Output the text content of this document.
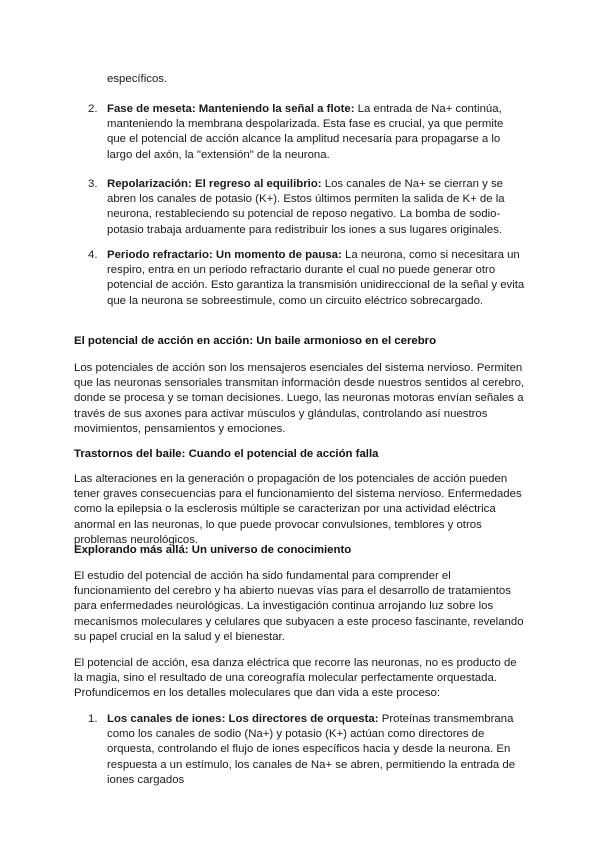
específicos.
2. Fase de meseta: Manteniendo la señal a flote: La entrada de Na+ continúa, manteniendo la membrana despolarizada. Esta fase es crucial, ya que permite que el potencial de acción alcance la amplitud necesaria para propagarse a lo largo del axón, la "extensión" de la neurona.
3. Repolarización: El regreso al equilibrio: Los canales de Na+ se cierran y se abren los canales de potasio (K+). Estos últimos permiten la salida de K+ de la neurona, restableciendo su potencial de reposo negativo. La bomba de sodio-potasio trabaja arduamente para redistribuir los iones a sus lugares originales.
4. Periodo refractario: Un momento de pausa: La neurona, como si necesitara un respiro, entra en un periodo refractario durante el cual no puede generar otro potencial de acción. Esto garantiza la transmisión unidireccional de la señal y evita que la neurona se sobreestimule, como un circuito eléctrico sobrecargado.
El potencial de acción en acción: Un baile armonioso en el cerebro
Los potenciales de acción son los mensajeros esenciales del sistema nervioso. Permiten que las neuronas sensoriales transmitan información desde nuestros sentidos al cerebro, donde se procesa y se toman decisiones. Luego, las neuronas motoras envían señales a través de sus axones para activar músculos y glándulas, controlando así nuestros movimientos, pensamientos y emociones.
Trastornos del baile: Cuando el potencial de acción falla
Las alteraciones en la generación o propagación de los potenciales de acción pueden tener graves consecuencias para el funcionamiento del sistema nervioso. Enfermedades como la epilepsia o la esclerosis múltiple se caracterizan por una actividad eléctrica anormal en las neuronas, lo que puede provocar convulsiones, temblores y otros problemas neurológicos.
Explorando más allá: Un universo de conocimiento
El estudio del potencial de acción ha sido fundamental para comprender el funcionamiento del cerebro y ha abierto nuevas vías para el desarrollo de tratamientos para enfermedades neurológicas. La investigación continua arrojando luz sobre los mecanismos moleculares y celulares que subyacen a este proceso fascinante, revelando su papel crucial en la salud y el bienestar.
El potencial de acción, esa danza eléctrica que recorre las neuronas, no es producto de la magia, sino el resultado de una coreografía molecular perfectamente orquestada. Profundicemos en los detalles moleculares que dan vida a este proceso:
1. Los canales de iones: Los directores de orquesta: Proteínas transmembrana como los canales de sodio (Na+) y potasio (K+) actúan como directores de orquesta, controlando el flujo de iones específicos hacia y desde la neurona. En respuesta a un estímulo, los canales de Na+ se abren, permitiendo la entrada de iones cargados
